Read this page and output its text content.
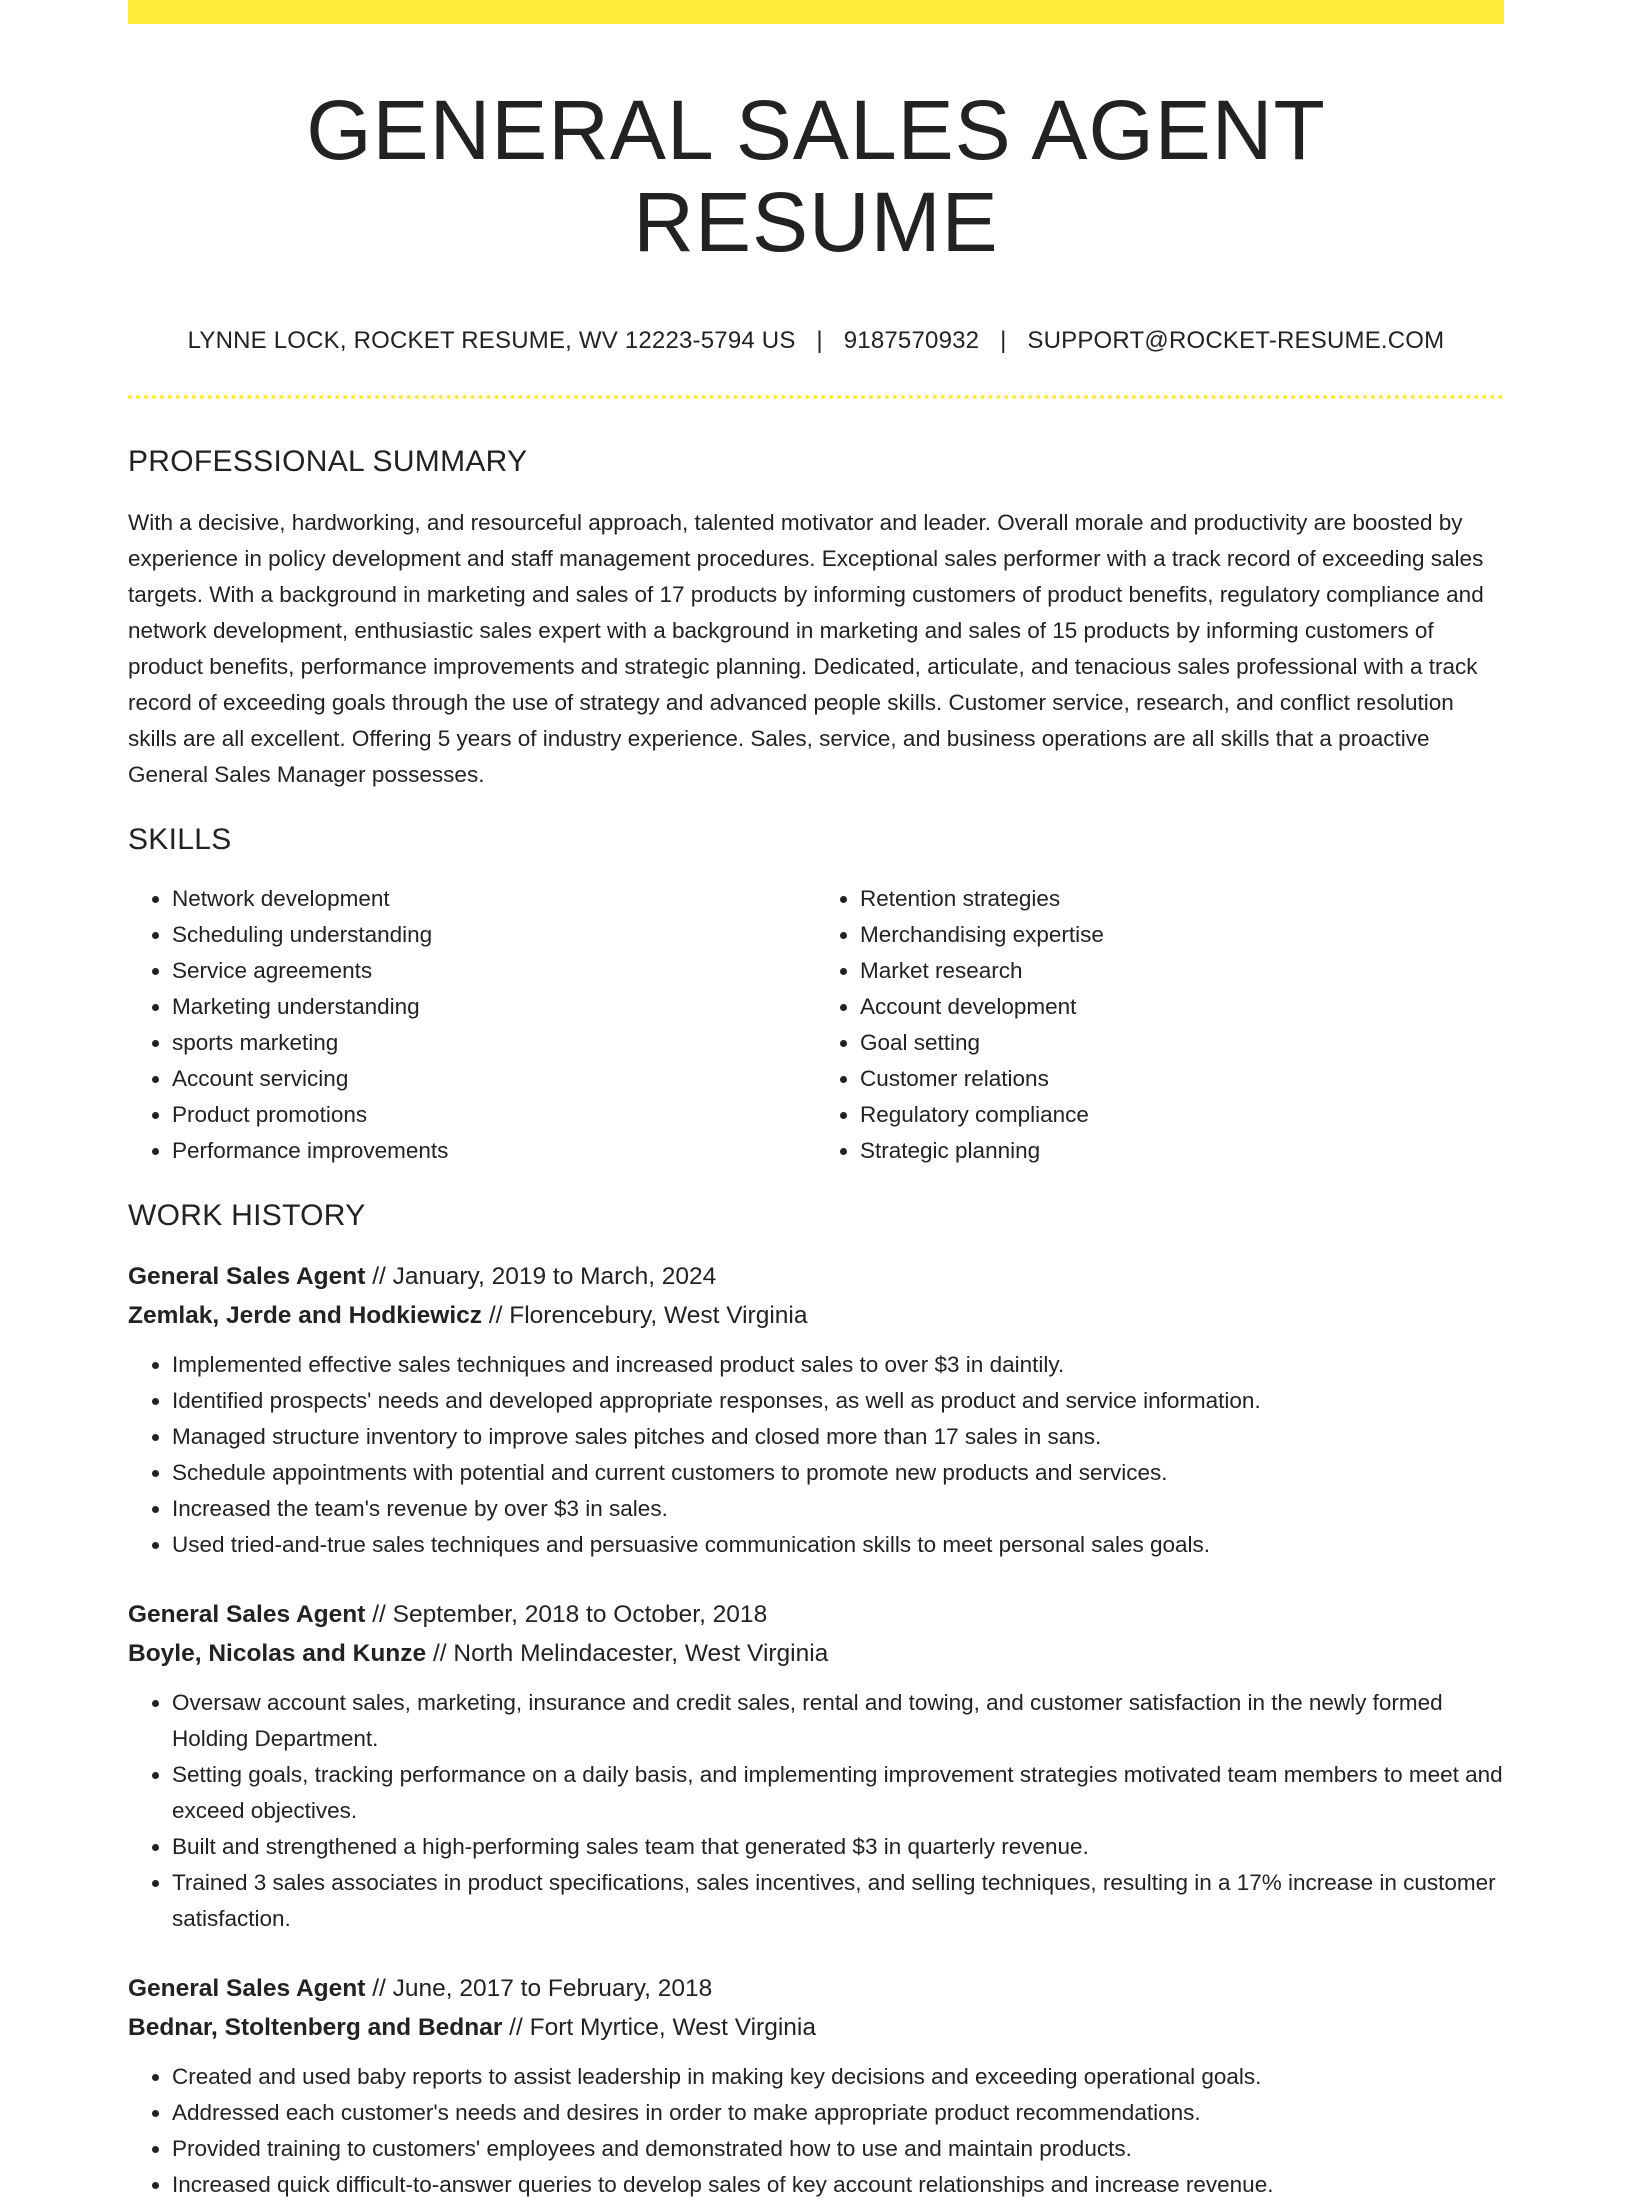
GENERAL SALES AGENT RESUME
LYNNE LOCK, ROCKET RESUME, WV 12223-5794 US | 9187570932 | SUPPORT@ROCKET-RESUME.COM
PROFESSIONAL SUMMARY

With a decisive, hardworking, and resourceful approach, talented motivator and leader. Overall morale and productivity are boosted by experience in policy development and staff management procedures. Exceptional sales performer with a track record of exceeding sales targets. With a background in marketing and sales of 17 products by informing customers of product benefits, regulatory compliance and network development, enthusiastic sales expert with a background in marketing and sales of 15 products by informing customers of product benefits, performance improvements and strategic planning. Dedicated, articulate, and tenacious sales professional with a track record of exceeding goals through the use of strategy and advanced people skills. Customer service, research, and conflict resolution skills are all excellent. Offering 5 years of industry experience. Sales, service, and business operations are all skills that a proactive General Sales Manager possesses.

SKILLS
• Network development
• Scheduling understanding
• Service agreements
• Marketing understanding
• sports marketing
• Account servicing
• Product promotions
• Performance improvements
• Retention strategies
• Merchandising expertise
• Market research
• Account development
• Goal setting
• Customer relations
• Regulatory compliance
• Strategic planning
WORK HISTORY
General Sales Agent // January, 2019 to March, 2024
Zemlak, Jerde and Hodkiewicz // Florencebury, West Virginia
• Implemented effective sales techniques and increased product sales to over $3 in daintily.
• Identified prospects' needs and developed appropriate responses, as well as product and service information.
• Managed structure inventory to improve sales pitches and closed more than 17 sales in sans.
• Schedule appointments with potential and current customers to promote new products and services.
• Increased the team's revenue by over $3 in sales.
• Used tried-and-true sales techniques and persuasive communication skills to meet personal sales goals.
General Sales Agent // September, 2018 to October, 2018
Boyle, Nicolas and Kunze // North Melindacester, West Virginia
• Oversaw account sales, marketing, insurance and credit sales, rental and towing, and customer satisfaction in the newly formed Holding Department.
• Setting goals, tracking performance on a daily basis, and implementing improvement strategies motivated team members to meet and exceed objectives.
• Built and strengthened a high-performing sales team that generated $3 in quarterly revenue.
• Trained 3 sales associates in product specifications, sales incentives, and selling techniques, resulting in a 17% increase in customer satisfaction.
General Sales Agent // June, 2017 to February, 2018
Bednar, Stoltenberg and Bednar // Fort Myrtice, West Virginia
• Created and used baby reports to assist leadership in making key decisions and exceeding operational goals.
• Addressed each customer's needs and desires in order to make appropriate product recommendations.
• Provided training to customers' employees and demonstrated how to use and maintain products.
• Increased quick difficult-to-answer queries to develop sales of key account relationships and increase revenue.
